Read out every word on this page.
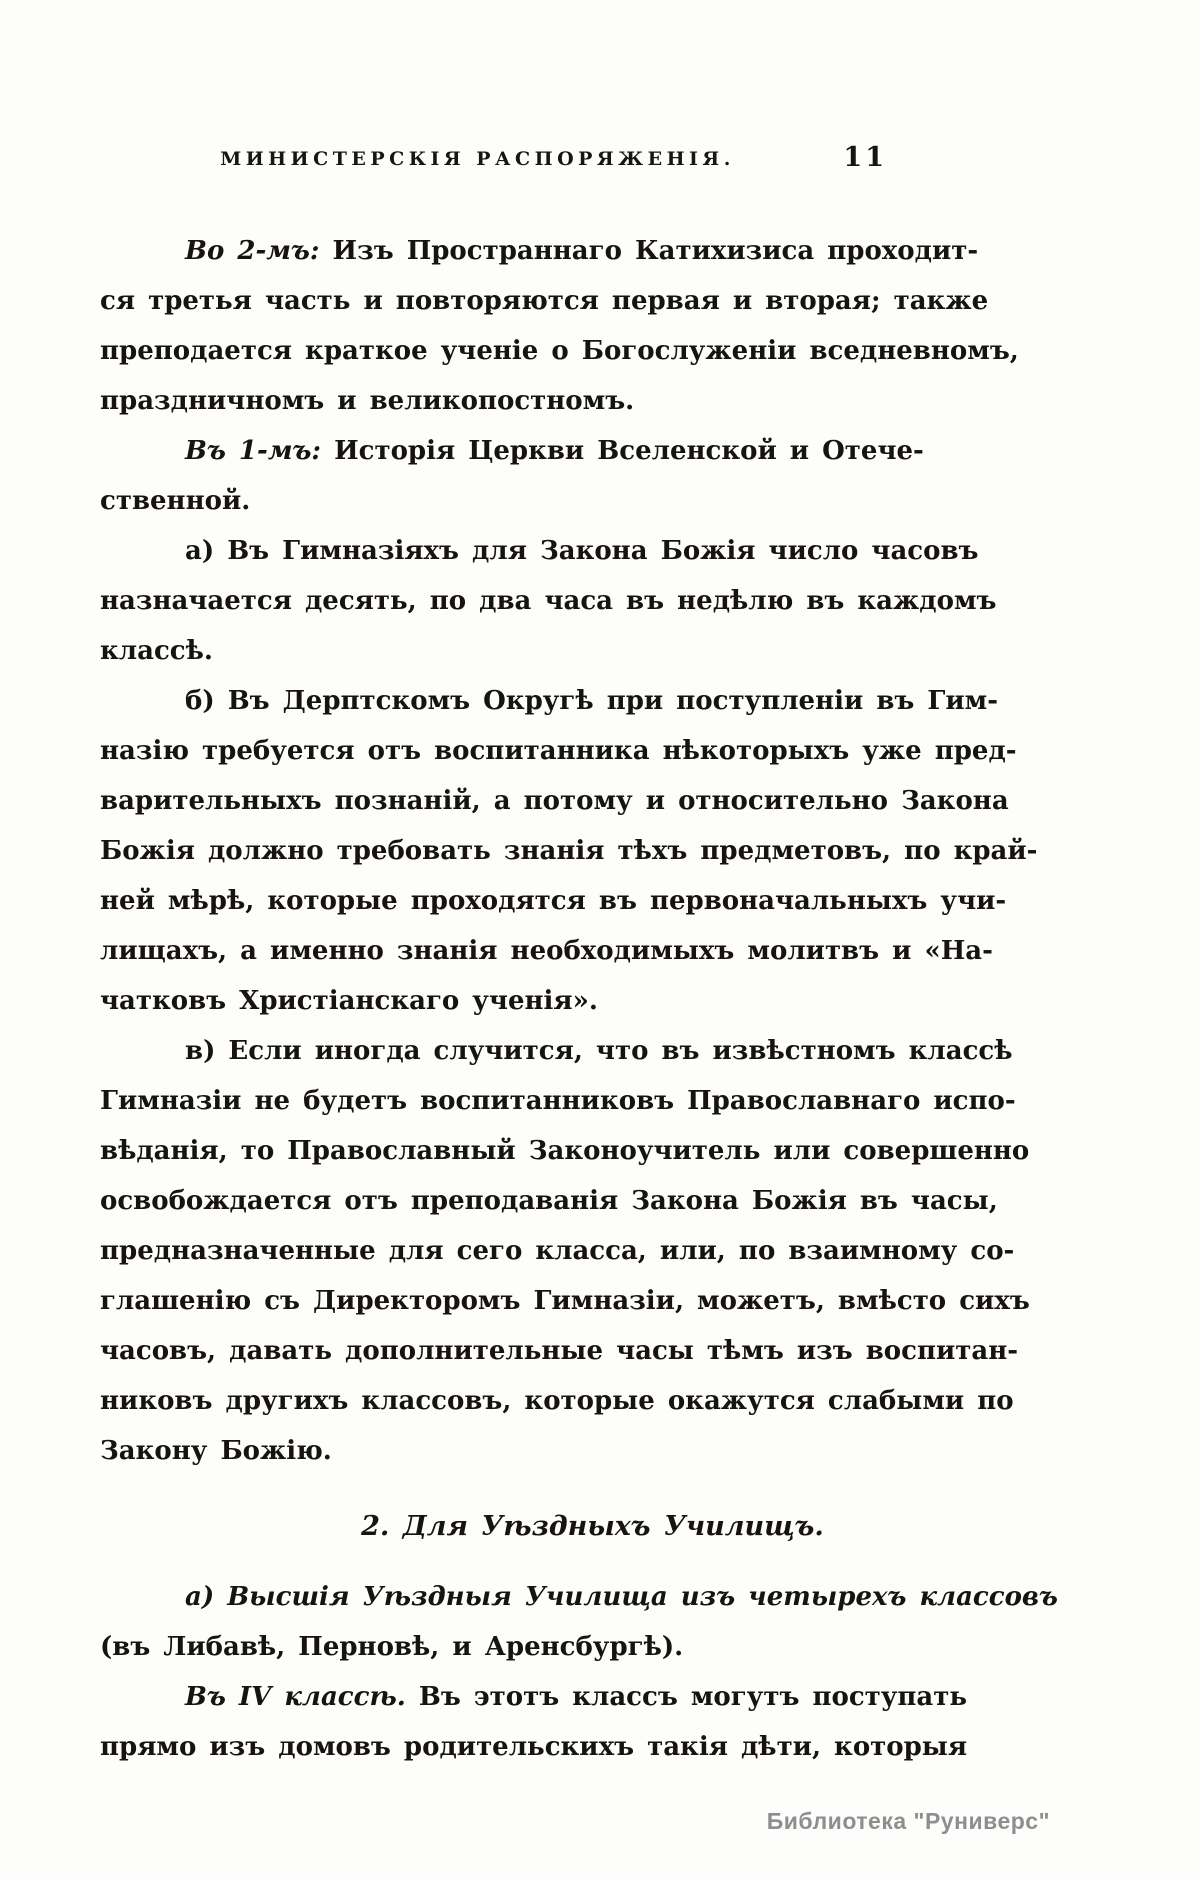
МИНИСТЕРСКІЯ РАСПОРЯЖЕНІЯ.	11
Во 2-мъ: Изъ Пространнаго Катихизиса проходит-
ся третья часть и повторяются первая и вторая; также
преподается краткое ученіе о Богослуженіи вседневномъ,
праздничномъ и великопостномъ.
Въ 1-мъ: Исторія Церкви Вселенской и Отече-
ственной.
а) Въ Гимназіяхъ для Закона Божія число часовъ
назначается десять, по два часа въ недѣлю въ каждомъ
классѣ.
б) Въ Дерптскомъ Округѣ при поступленіи въ Гим-
назію требуется отъ воспитанника нѣкоторыхъ уже пред-
варительныхъ познаній, а потому и относительно Закона
Божія должно требовать знанія тѣхъ предметовъ, по край-
ней мѣрѣ, которые проходятся въ первоначальныхъ учи-
лищахъ, а именно знанія необходимыхъ молитвъ и «На-
чатковъ Христіанскаго ученія».
в) Если иногда случится, что въ извѣстномъ классѣ
Гимназіи не будетъ воспитанниковъ Православнаго испо-
вѣданія, то Православный Законоучитель или совершенно
освобождается отъ преподаванія Закона Божія въ часы,
предназначенные для сего класса, или, по взаимному со-
глашенію съ Директоромъ Гимназіи, можетъ, вмѣсто сихъ
часовъ, давать дополнительные часы тѣмъ изъ воспитан-
никовъ другихъ классовъ, которые окажутся слабыми по
Закону Божію.
2. Для Уѣздныхъ Училищъ.
а) Высшія Уѣздныя Училища изъ четырехъ классовъ
(въ Либавѣ, Перновѣ, и Аренсбургѣ).
Въ IV классѣ. Въ этотъ классъ могутъ поступать
прямо изъ домовъ родительскихъ такія дѣти, которыя
Библиотека "Руниверс"
